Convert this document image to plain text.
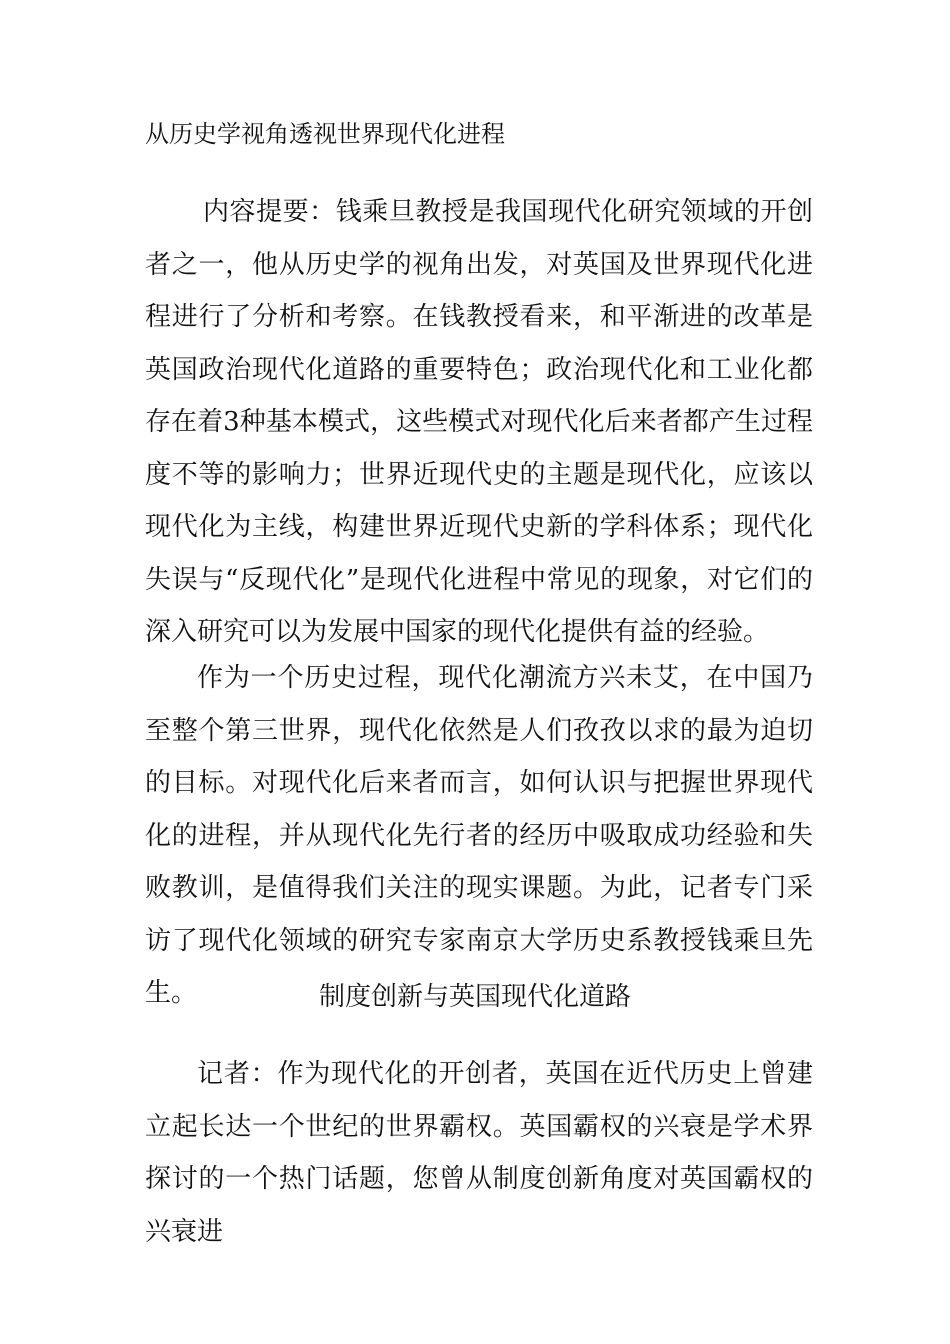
从历史学视角透视世界现代化进程
内容提要：钱乘旦教授是我国现代化研究领域的开创者之一，他从历史学的视角出发，对英国及世界现代化进程进行了分析和考察。在钱教授看来，和平渐进的改革是英国政治现代化道路的重要特色；政治现代化和工业化都存在着3种基本模式，这些模式对现代化后来者都产生过程度不等的影响力；世界近现代史的主题是现代化，应该以现代化为主线，构建世界近现代史新的学科体系；现代化失误与“反现代化”是现代化进程中常见的现象，对它们的深入研究可以为发展中国家的现代化提供有益的经验。
作为一个历史过程，现代化潮流方兴未艾，在中国乃至整个第三世界，现代化依然是人们孜孜以求的最为迫切的目标。对现代化后来者而言，如何认识与把握世界现代化的进程，并从现代化先行者的经历中吸取成功经验和失败教训，是值得我们关注的现实课题。为此，记者专门采访了现代化领域的研究专家南京大学历史系教授钱乘旦先生。	制度创新与英国现代化道路
记者：作为现代化的开创者，英国在近代历史上曾建立起长达一个世纪的世界霸权。英国霸权的兴衰是学术界探讨的一个热门话题，您曾从制度创新角度对英国霸权的兴衰进
